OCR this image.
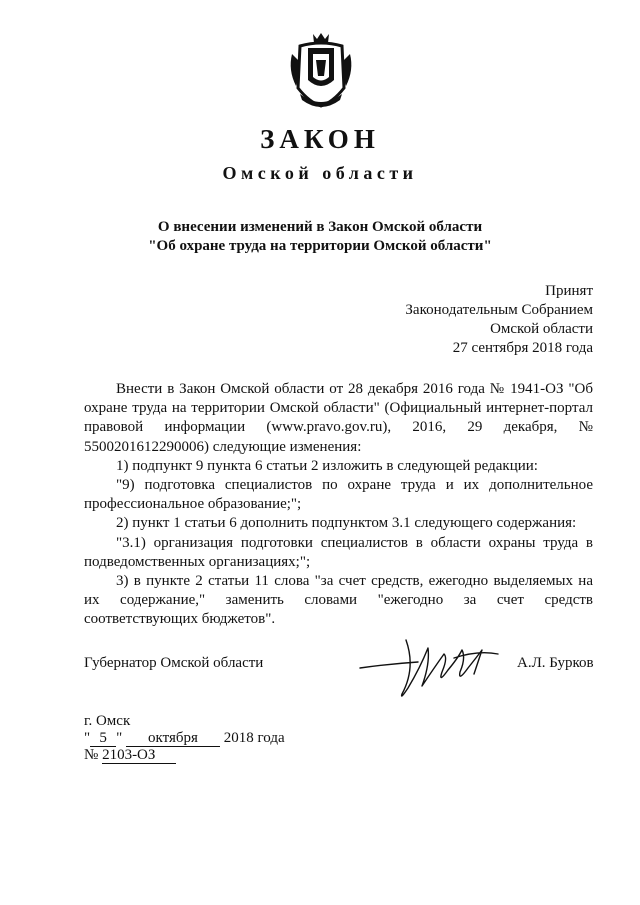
ЗАКОН
Омской области
О внесении изменений в Закон Омской области
"Об охране труда на территории Омской области"
Принят
Законодательным Собранием
Омской области
27 сентября 2018 года

Внести в Закон Омской области от 28 декабря 2016 года № 1941-ОЗ "Об охране труда на территории Омской области" (Официальный интернет-портал правовой информации (www.pravo.gov.ru), 2016, 29 декабря, № 5500201612290006) следующие изменения:

1) подпункт 9 пункта 6 статьи 2 изложить в следующей редакции:

"9) подготовка специалистов по охране труда и их дополнительное профессиональное образование;";

2) пункт 1 статьи 6 дополнить подпунктом 3.1 следующего содержания:

"3.1) организация подготовки специалистов в области охраны труда в подведомственных организациях;";

3) в пункте 2 статьи 11 слова "за счет средств, ежегодно выделяемых на их содержание," заменить словами "ежегодно за счет средств соответствующих бюджетов".

Губернатор Омской области	А.Л. Бурков
г. Омск
" 5 " октября 2018 года
№ 2103-ОЗ
